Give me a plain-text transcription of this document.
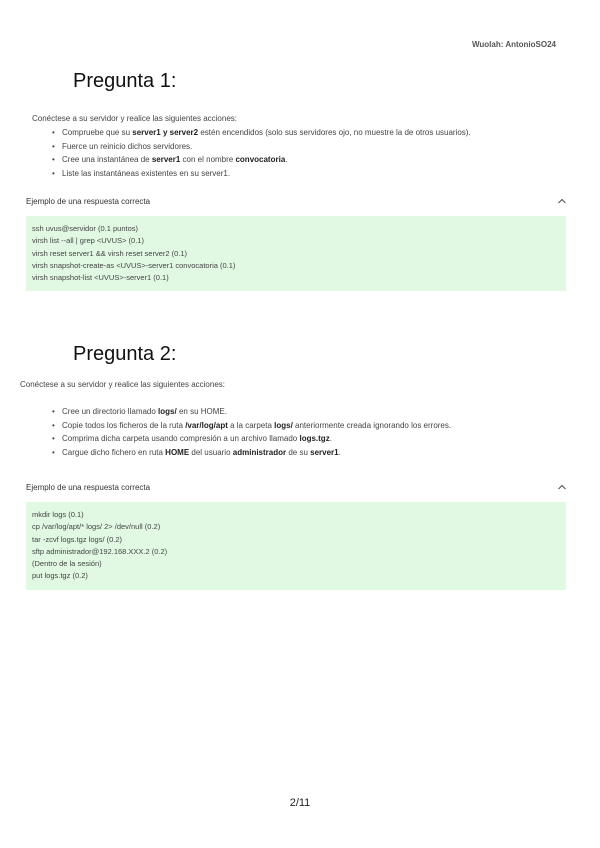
Wuolah: AntonioSO24
Pregunta 1:

Conéctese a su servidor y realice las siguientes acciones:

• Compruebe que su server1 y server2 estén encendidos (solo sus servidores ojo, no muestre la de otros usuarios).
• Fuerce un reinicio dichos servidores.
• Cree una instantánea de server1 con el nombre convocatoria.
• Liste las instantáneas existentes en su server1.
Ejemplo de una respuesta correcta
ssh uvus@servidor (0.1 puntos)
virsh list --all | grep <UVUS> (0.1)
virsh reset server1 && virsh reset server2 (0.1)
virsh snapshot-create-as <UVUS>-server1 convocatoria (0.1)
virsh snapshot-list <UVUS>-server1 (0.1)
Pregunta 2:

Conéctese a su servidor y realice las siguientes acciones:

• Cree un directorio llamado logs/ en su HOME.
• Copie todos los ficheros de la ruta /var/log/apt a la carpeta logs/ anteriormente creada ignorando los errores.
• Comprima dicha carpeta usando compresión a un archivo llamado logs.tgz.
• Cargue dicho fichero en ruta HOME del usuario administrador de su server1.
Ejemplo de una respuesta correcta
mkdir logs (0.1)
cp /var/log/apt/* logs/ 2> /dev/null (0.2)
tar -zcvf logs.tgz logs/ (0.2)
sftp administrador@192.168.XXX.2 (0.2)
(Dentro de la sesión)
put logs.tgz (0.2)
2/11
